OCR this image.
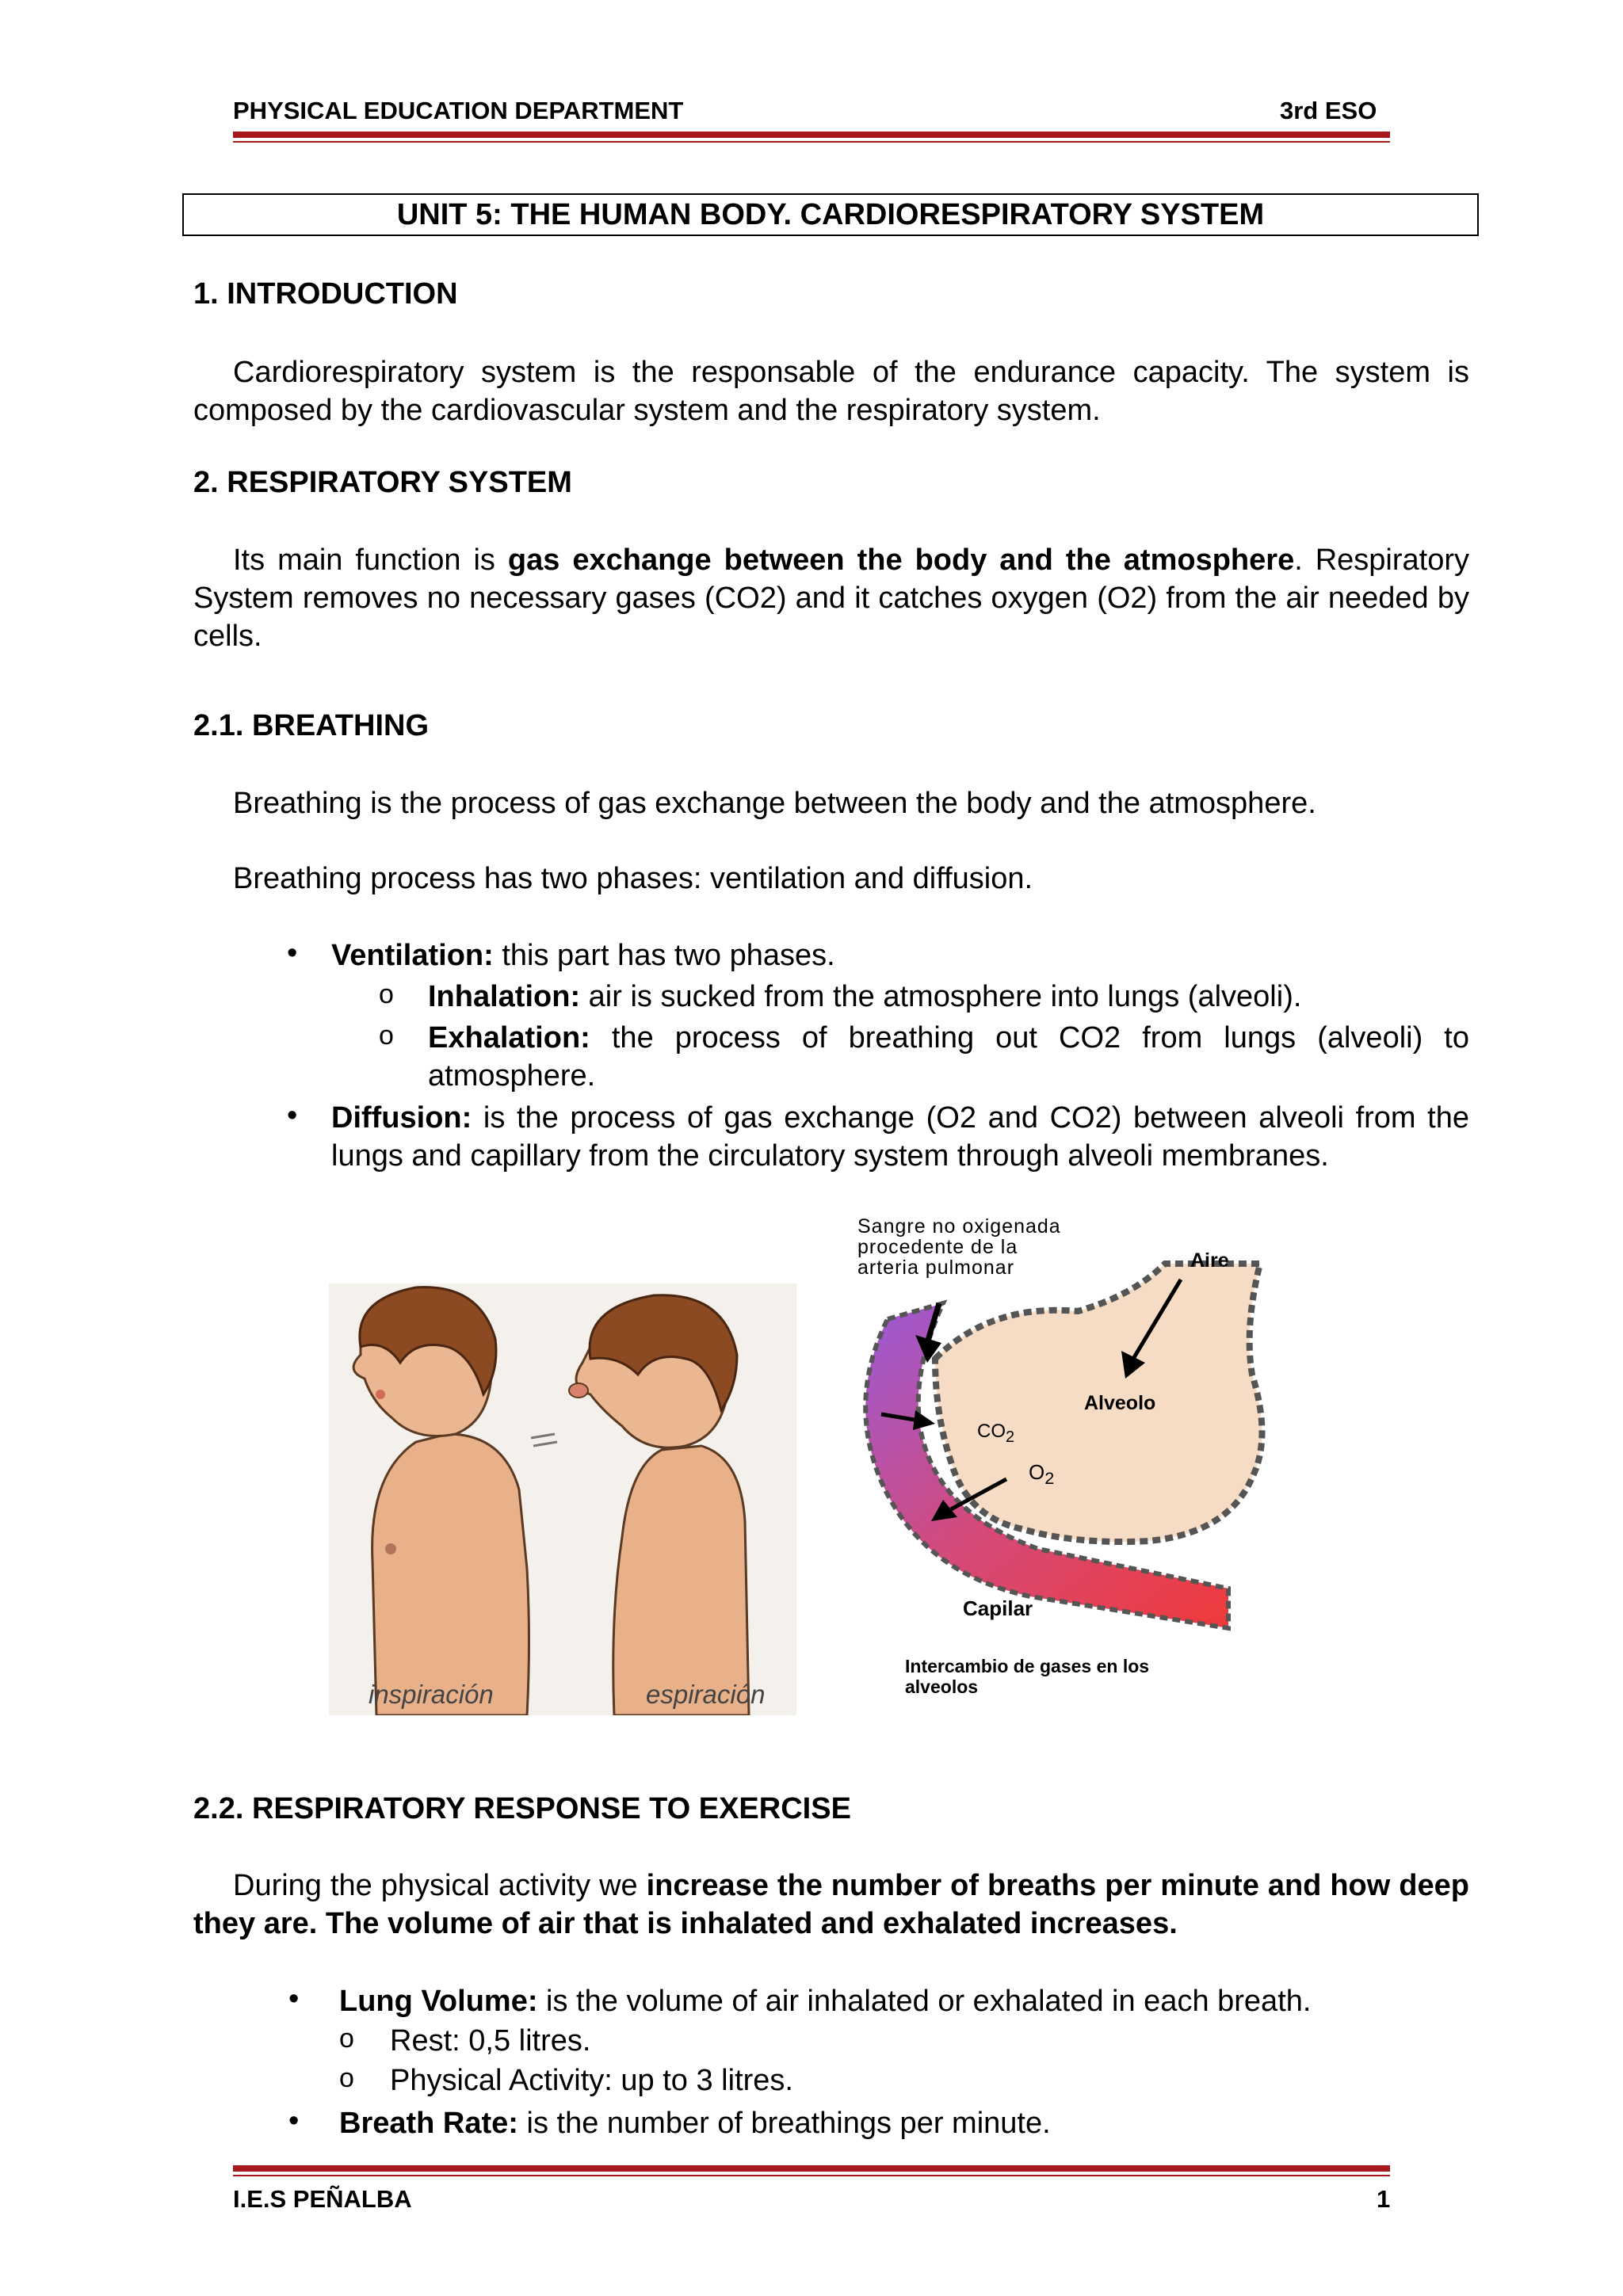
PHYSICAL EDUCATION DEPARTMENT	3rd ESO
UNIT 5: THE HUMAN BODY. CARDIORESPIRATORY SYSTEM
1. INTRODUCTION
Cardiorespiratory system is the responsable of the endurance capacity. The system is composed by the cardiovascular system and the respiratory system.
2. RESPIRATORY SYSTEM
Its main function is gas exchange between the body and the atmosphere. Respiratory System removes no necessary gases (CO2) and it catches oxygen (O2) from the air needed by cells.
2.1. BREATHING
Breathing is the process of gas exchange between the body and the atmosphere.
Breathing process has two phases: ventilation and diffusion.
• Ventilation: this part has two phases.
o Inhalation: air is sucked from the atmosphere into lungs (alveoli).
o Exhalation: the process of breathing out CO2 from lungs (alveoli) to atmosphere.
• Diffusion: is the process of gas exchange (O2 and CO2) between alveoli from the lungs and capillary from the circulatory system through alveoli membranes.
inspiración	espiración
Sangre no oxigenada
procedente de la
arteria pulmonar	Aire
Alveolo
$CO_2$
$O_2$
Capilar
Intercambio de gases en los
alveolos
2.2. RESPIRATORY RESPONSE TO EXERCISE
During the physical activity we increase the number of breaths per minute and how deep they are. The volume of air that is inhalated and exhalated increases.
• Lung Volume: is the volume of air inhalated or exhalated in each breath.
o Rest: 0,5 litres.
o Physical Activity: up to 3 litres.
• Breath Rate: is the number of breathings per minute.
I.E.S PEÑALBA	1
